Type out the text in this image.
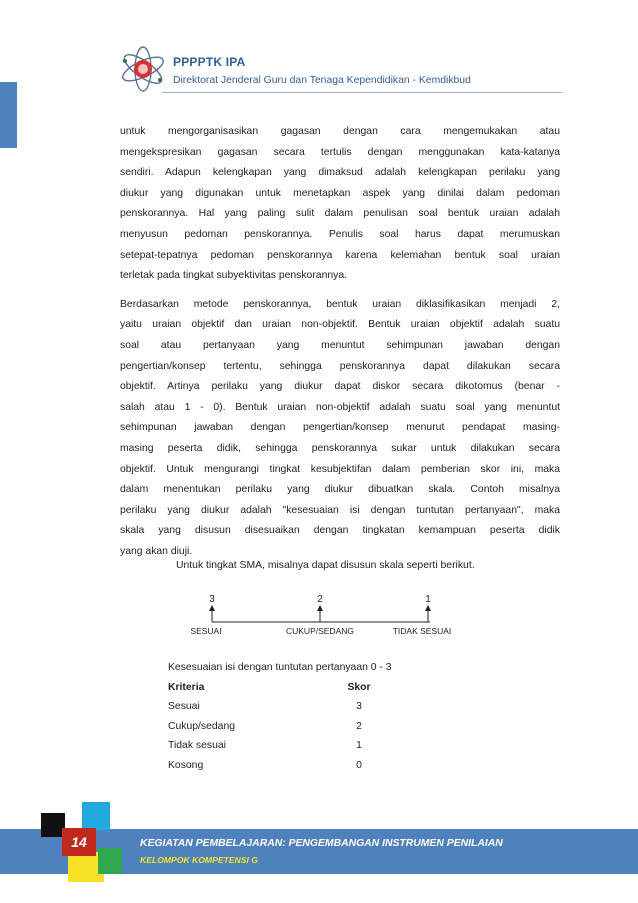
PPPPTK IPA
Direktorat Jenderal Guru dan Tenaga Kependidikan - Kemdikbud

untuk mengorganisasikan gagasan dengan cara mengemukakan atau
mengekspresikan gagasan secara tertulis dengan menggunakan kata-katanya
sendiri. Adapun kelengkapan yang dimaksud adalah kelengkapan perilaku yang
diukur yang digunakan untuk menetapkan aspek yang dinilai dalam pedoman
penskorannya. Hal yang paling sulit dalam penulisan soal bentuk uraian adalah
menyusun pedoman penskorannya. Penulis soal harus dapat merumuskan
setepat-tepatnya pedoman penskorannya karena kelemahan bentuk soal uraian
terletak pada tingkat subyektivitas penskorannya.

Berdasarkan metode penskorannya, bentuk uraian diklasifikasikan menjadi 2,
yaitu uraian objektif dan uraian non-objektif. Bentuk uraian objektif adalah suatu
soal atau pertanyaan yang menuntut sehimpunan jawaban dengan
pengertian/konsep tertentu, sehingga penskorannya dapat dilakukan secara
objektif. Artinya perilaku yang diukur dapat diskor secara dikotomus (benar -
salah atau 1 - 0). Bentuk uraian non-objektif adalah suatu soal yang menuntut
sehimpunan jawaban dengan pengertian/konsep menurut pendapat masing-
masing peserta didik, sehingga penskorannya sukar untuk dilakukan secara
objektif. Untuk mengurangi tingkat kesubjektifan dalam pemberian skor ini, maka
dalam menentukan perilaku yang diukur dibuatkan skala. Contoh misalnya
perilaku yang diukur adalah "kesesuaian isi dengan tuntutan pertanyaan", maka
skala yang disusun disesuaikan dengan tingkatan kemampuan peserta didik
yang akan diuji.

Untuk tingkat SMA, misalnya dapat disusun skala seperti berikut.
3
SESUAI
2
CUKUP/SEDANG
1
TIDAK SESUAI
Kesesuaian isi dengan tuntutan pertanyaan 0 - 3
Kriteria	Skor
Sesuai	3
Cukup/sedang	2
Tidak sesuai	1
Kosong	0
14	KEGIATAN PEMBELAJARAN: PENGEMBANGAN INSTRUMEN PENILAIAN
KELOMPOK KOMPETENSI G
